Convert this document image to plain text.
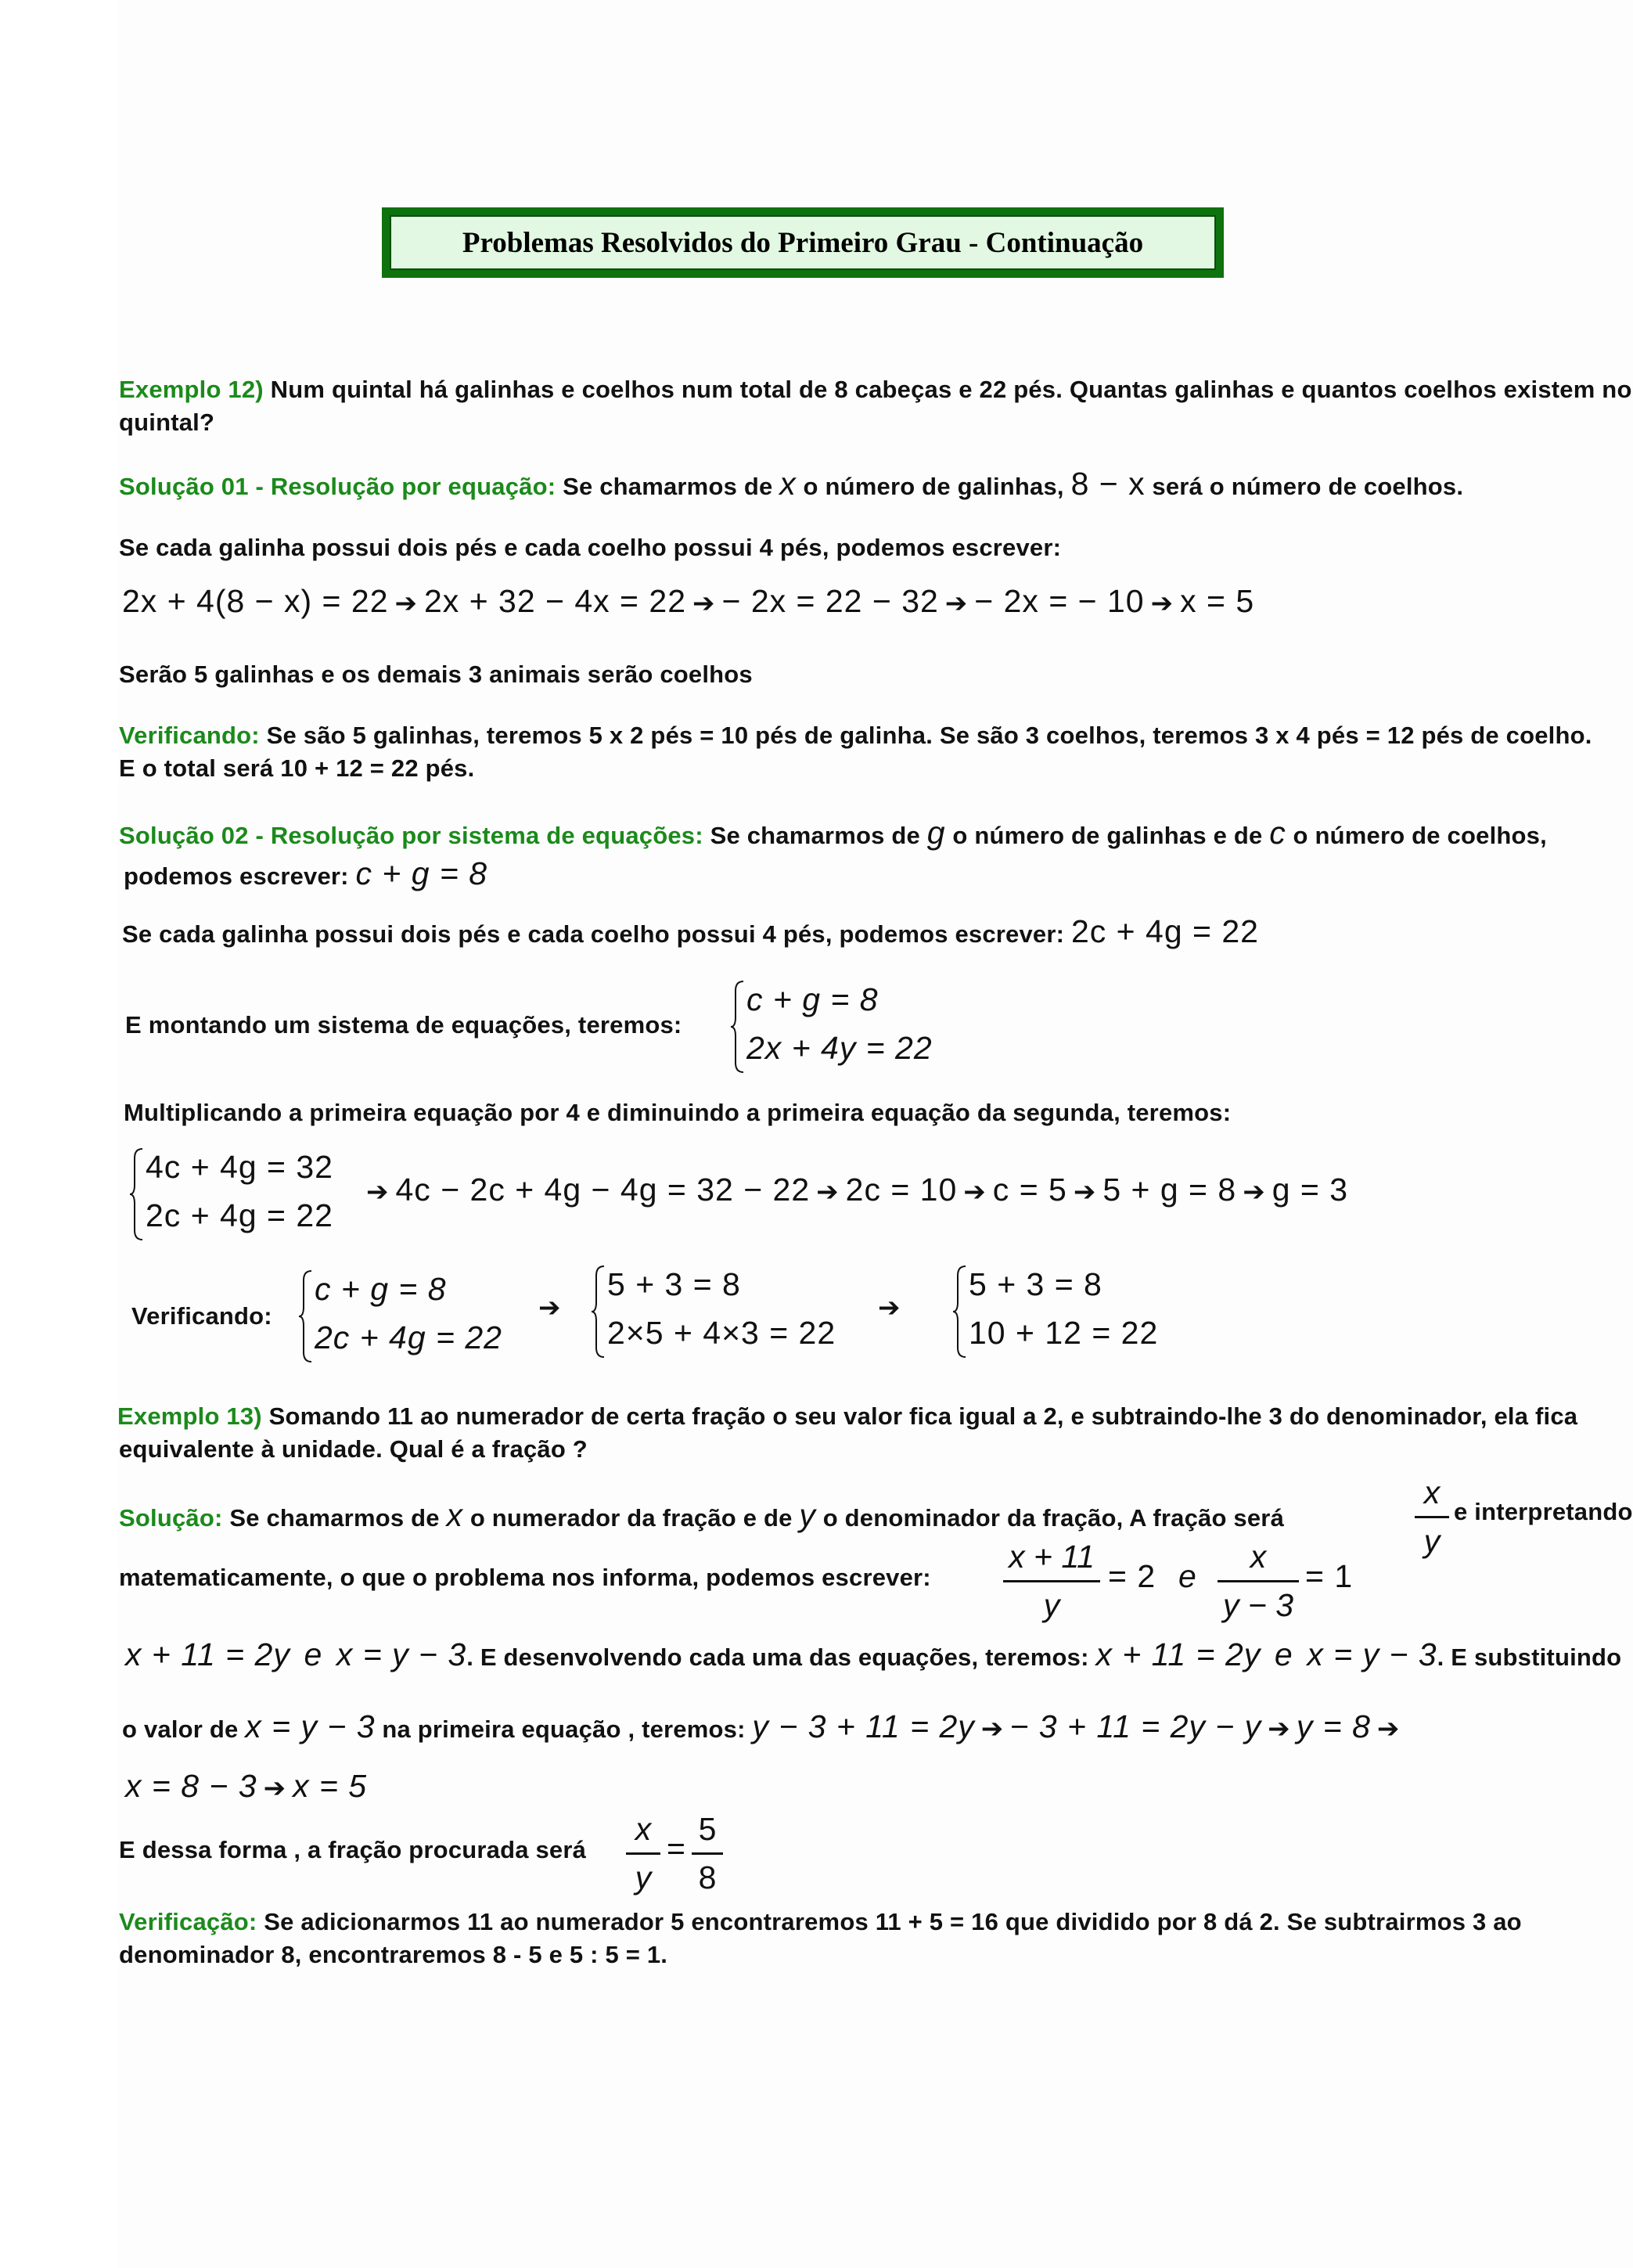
Problemas Resolvidos do Primeiro Grau - Continuação
Exemplo 12) Num quintal há galinhas e coelhos num total de 8 cabeças e 22 pés. Quantas galinhas e quantos coelhos existem no
quintal?
Solução 01 - Resolução por equação: Se chamarmos de x o número de galinhas, 8 − x será o número de coelhos.
Se cada galinha possui dois pés e cada coelho possui 4 pés, podemos escrever:
2x + 4(8 − x) = 22 ➔ 2x + 32 − 4x = 22 ➔ − 2x = 22 − 32 ➔ − 2x = − 10 ➔ x = 5
Serão 5 galinhas e os demais 3 animais serão coelhos
Verificando: Se são 5 galinhas, teremos 5 x 2 pés = 10 pés de galinha. Se são 3 coelhos, teremos 3 x 4 pés = 12 pés de coelho.
E o total será 10 + 12 = 22 pés.
Solução 02 - Resolução por sistema de equações: Se chamarmos de g o número de galinhas e de c o número de coelhos,
podemos escrever: c + g = 8
Se cada galinha possui dois pés e cada coelho possui 4 pés, podemos escrever: 2c + 4g = 22
E montando um sistema de equações, teremos:
c + g = 8
2x + 4y = 22
Multiplicando a primeira equação por 4 e diminuindo a primeira equação da segunda, teremos:
4c + 4g = 32
2c + 4g = 22
➔ 4c − 2c + 4g − 4g = 32 − 22 ➔ 2c = 10 ➔ c = 5 ➔ 5 + g = 8 ➔ g = 3
Verificando:
c + g = 8
2c + 4g = 22
➔
5 + 3 = 8
2×5 + 4×3 = 22
➔
5 + 3 = 8
10 + 12 = 22
Exemplo 13) Somando 11 ao numerador de certa fração o seu valor fica igual a 2, e subtraindo-lhe 3 do denominador, ela fica
equivalente à unidade. Qual é a fração ?
Solução: Se chamarmos de x o numerador da fração e de y o denominador da fração, A fração será
x
y
e interpretando
matematicamente, o que o problema nos informa, podemos escrever:
x + 11
y
= 2 e
x
y − 3
= 1
x + 11 = 2y e x = y − 3. E desenvolvendo cada uma das equações, teremos: x + 11 = 2y e x = y − 3. E substituindo
o valor de x = y − 3 na primeira equação , teremos: y − 3 + 11 = 2y ➔ − 3 + 11 = 2y − y ➔ y = 8 ➔
x = 8 − 3 ➔ x = 5
E dessa forma , a fração procurada será
x
y
=
5
8
Verificação: Se adicionarmos 11 ao numerador 5 encontraremos 11 + 5 = 16 que dividido por 8 dá 2. Se subtrairmos 3 ao
denominador 8, encontraremos 8 - 5 e 5 : 5 = 1.
